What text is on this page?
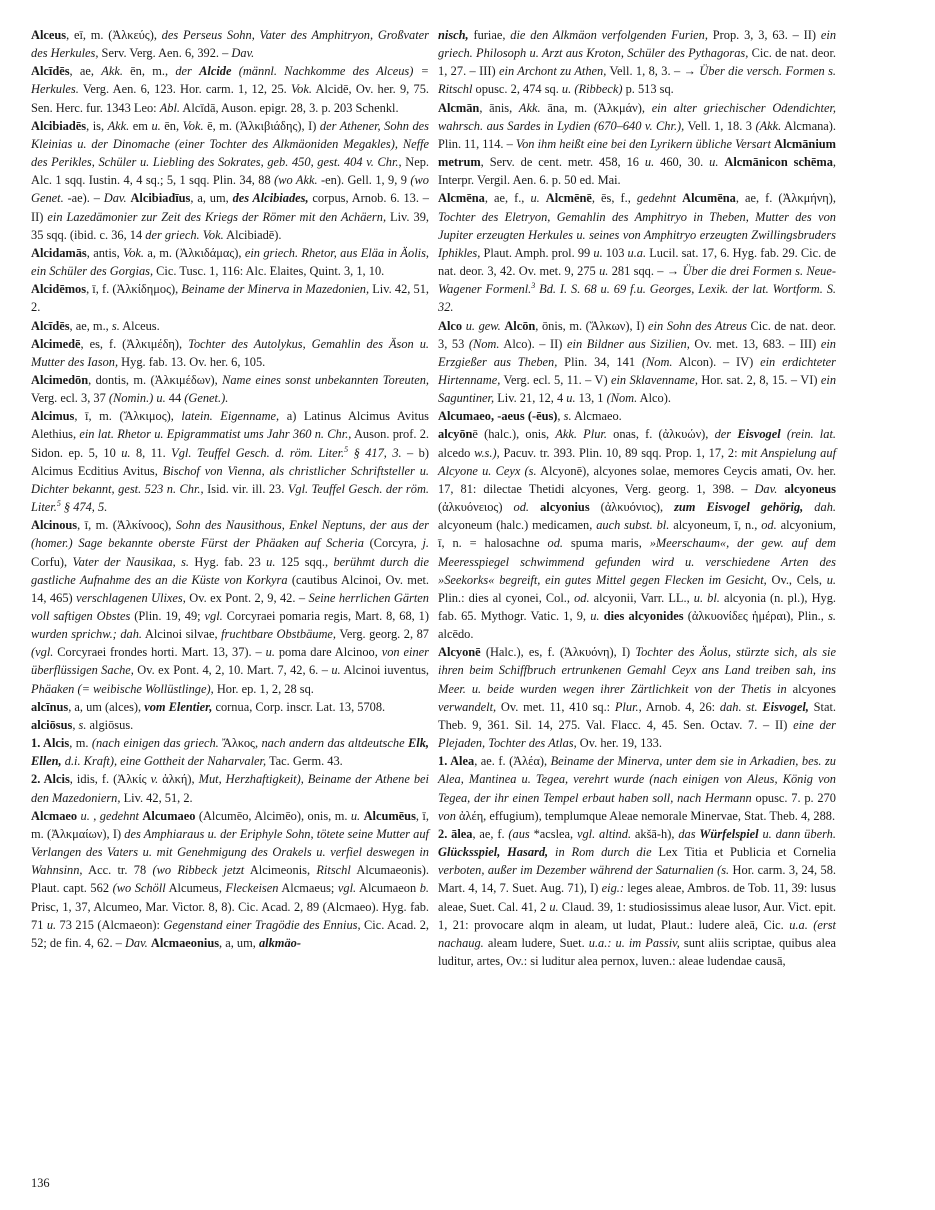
Alceus, eī, m. (Ἀλκεύς), des Perseus Sohn, Vater des Amphitryon, Großvater des Herkules, Serv. Verg. Aen. 6, 392. – Dav.

Alcīdēs, ae, Akk. ēn, m., der Alcide (männl. Nachkomme des Alceus) = Herkules. Verg. Aen. 6, 123. Hor. carm. 1, 12, 25. Vok. Alcidē, Ov. her. 9, 75. Sen. Herc. fur. 1343 Leo: Abl. Alcīdā, Auson. epigr. 28, 3. p. 203 Schenkl.

Alcibiadēs, is, Akk. em u. ēn, Vok. ē, m. (Ἀλκιβιάδης), I) der Athener, Sohn des Kleinias u. der Dinomache (einer Tochter des Alkmäoniden Megakles), Neffe des Perikles, Schüler u. Liebling des Sokrates, geb. 450, gest. 404 v. Chr., Nep. Alc. 1 sqq. Iustin. 4, 4 sq.; 5, 1 sqq. Plin. 34, 88 (wo Akk. -en). Gell. 1, 9, 9 (wo Genet. -ae). – Dav. Alcibiadīus, a, um, des Alcibiades, corpus, Arnob. 6. 13. – II) ein Lazedämonier zur Zeit des Kriegs der Römer mit den Achäern, Liv. 39, 35 sqq. (ibid. c. 36, 14 der griech. Vok. Alcibiadē).

Alcidamās, antis, Vok. a, m. (Ἀλκιδάμας), ein griech. Rhetor, aus Eläa in Äolis, ein Schüler des Gorgias, Cic. Tusc. 1, 116: Alc. Elaites, Quint. 3, 1, 10.

Alcidēmos, ī, f. (Ἀλκίδημος), Beiname der Minerva in Mazedonien, Liv. 42, 51, 2.

Alcīdēs, ae, m., s. Alceus.

Alcimedē, es, f. (Ἀλκιμέδη), Tochter des Autolykus, Gemahlin des Äson u. Mutter des Iason, Hyg. fab. 13. Ov. her. 6, 105.

Alcimedōn, dontis, m. (Ἀλκιμέδων), Name eines sonst unbekannten Toreuten, Verg. ecl. 3, 37 (Nomin.) u. 44 (Genet.).

Alcimus, ī, m. (Ἄλκιμος), latein. Eigenname, a) Latinus Alcimus Avitus Alethius, ein lat. Rhetor u. Epigrammatist ums Jahr 360 n. Chr., Auson. prof. 2. Sidon. ep. 5, 10 u. 8, 11. Vgl. Teuffel Gesch. d. röm. Liter.$^5$ § 417, 3. – b) Alcimus Ecditius Avitus, Bischof von Vienna, als christlicher Schriftsteller u. Dichter bekannt, gest. 523 n. Chr., Isid. vir. ill. 23. Vgl. Teuffel Gesch. der röm. Liter.$^5$ § 474, 5.

Alcinous, ī, m. (Ἀλκίνοος), Sohn des Nausithous, Enkel Neptuns, der aus der (homer.) Sage bekannte oberste Fürst der Phäaken auf Scheria (Corcyra, j. Corfu), Vater der Nausikaa, s. Hyg. fab. 23 u. 125 sqq., berühmt durch die gastliche Aufnahme des an die Küste von Korkyra (cautibus Alcinoi, Ov. met. 14, 465) verschlagenen Ulixes, Ov. ex Pont. 2, 9, 42. – Seine herrlichen Gärten voll saftigen Obstes (Plin. 19, 49; vgl. Corcyraei pomaria regis, Mart. 8, 68, 1) wurden sprichw.; dah. Alcinoi silvae, fruchtbare Obstbäume, Verg. georg. 2, 87 (vgl. Corcyraei frondes horti. Mart. 13, 37). – u. poma dare Alcinoo, von einer überflüssigen Sache, Ov. ex Pont. 4, 2, 10. Mart. 7, 42, 6. – u. Alcinoi iuventus, Phäaken (= weibische Wollüstlinge), Hor. ep. 1, 2, 28 sq.

alcīnus, a, um (alces), vom Elentier, cornua, Corp. inscr. Lat. 13, 5708.

alciōsus, s. algiōsus.

1. Alcis, m. (nach einigen das griech. Ἄλκος, nach andern das altdeutsche Elk, Ellen, d.i. Kraft), eine Gottheit der Naharvaler, Tac. Germ. 43.

2. Alcis, idis, f. (Ἀλκίς v. ἀλκή), Mut, Herzhaftigkeit), Beiname der Athene bei den Mazedoniern, Liv. 42, 51, 2.

Alcmaeo u. , gedehnt Alcumaeo (Alcumēo, Alcimēo), onis, m. u. Alcumēus, ī, m. (Ἀλκμαίων), I) des Amphiaraus u. der Eriphyle Sohn, tötete seine Mutter auf Verlangen des Vaters u. mit Genehmigung des Orakels u. verfiel deswegen in Wahnsinn, Acc. tr. 78 (wo Ribbeck jetzt Alcimeonis, Ritschl Alcumaeonis). Plaut. capt. 562 (wo Schöll Alcumeus, Fleckeisen Alcmaeus; vgl. Alcumaeon b. Prisc, 1, 37, Alcumeo, Mar. Victor. 8, 8). Cic. Acad. 2, 89 (Alcmaeo). Hyg. fab. 71 u. 73 215 (Alcmaeon): Gegenstand einer Tragödie des Ennius, Cic. Acad. 2, 52; de fin. 4, 62. – Dav. Alcmaeonius, a, um, alkmäo-

nisch, furiae, die den Alkmäon verfolgenden Furien, Prop. 3, 3, 63. – II) ein griech. Philosoph u. Arzt aus Kroton, Schüler des Pythagoras, Cic. de nat. deor. 1, 27. – III) ein Archont zu Athen, Vell. 1, 8, 3. – → Über die versch. Formen s. Ritschl opusc. 2, 474 sq. u. (Ribbeck) p. 513 sq.

Alcmān, ānis, Akk. āna, m. (Ἀλκμάν), ein alter griechischer Odendichter, wahrsch. aus Sardes in Lydien (670–640 v. Chr.), Vell. 1, 18. 3 (Akk. Alcmana). Plin. 11, 114. – Von ihm heißt eine bei den Lyrikern übliche Versart Alcmānium metrum, Serv. de cent. metr. 458, 16 u. 460, 30. u. Alcmānicon schēma, Interpr. Vergil. Aen. 6. p. 50 ed. Mai.

Alcmēna, ae, f., u. Alcmēnē, ēs, f., gedehnt Alcumēna, ae, f. (Ἀλκμήνη), Tochter des Eletryon, Gemahlin des Amphitryo in Theben, Mutter des von Jupiter erzeugten Herkules u. seines von Amphitryo erzeugten Zwillingsbruders Iphikles, Plaut. Amph. prol. 99 u. 103 u.a. Lucil. sat. 17, 6. Hyg. fab. 29. Cic. de nat. deor. 3, 42. Ov. met. 9, 275 u. 281 sqq. – → Über die drei Formen s. Neue-Wagener Formenl.$^3$ Bd. I. S. 68 u. 69 f.u. Georges, Lexik. der lat. Wortform. S. 32.

Alco u. gew. Alcōn, ōnis, m. (Ἄλκων), I) ein Sohn des Atreus Cic. de nat. deor. 3, 53 (Nom. Alco). – II) ein Bildner aus Sizilien, Ov. met. 13, 683. – III) ein Erzgießer aus Theben, Plin. 34, 141 (Nom. Alcon). – IV) ein erdichteter Hirtenname, Verg. ecl. 5, 11. – V) ein Sklavenname, Hor. sat. 2, 8, 15. – VI) ein Saguntiner, Liv. 21, 12, 4 u. 13, 1 (Nom. Alco).

Alcumaeo, -aeus (-ēus), s. Alcmaeo.

alcyōnē (halc.), onis, Akk. Plur. onas, f. (ἀλκυών), der Eisvogel (rein. lat. alcedo w.s.), Pacuv. tr. 393. Plin. 10, 89 sqq. Prop. 1, 17, 2: mit Anspielung auf Alcyone u. Ceyx (s. Alcyonē), alcyones solae, memores Ceycis amati, Ov. her. 17, 81: dilectae Thetidi alcyones, Verg. georg. 1, 398. – Dav. alcyoneus (ἀλκυόνειος) od. alcyonius (ἀλκυόνιος), zum Eisvogel gehörig, dah. alcyoneum (halc.) medicamen, auch subst. bl. alcyoneum, ī, n., od. alcyonium, ī, n. = halosachne od. spuma maris, »Meerschaum«, der gew. auf dem Meeresspiegel schwimmend gefunden wird u. verschiedene Arten des »Seekorks« begreift, ein gutes Mittel gegen Flecken im Gesicht, Ov., Cels, u. Plin.: dies al cyonei, Col., od. alcyonii, Varr. LL., u. bl. alcyonia (n. pl.), Hyg. fab. 65. Mythogr. Vatic. 1, 9, u. dies alcyonides (ἀλκυονίδες ἡμέραι), Plin., s. alcēdo.

Alcyonē (Halc.), es, f. (Ἀλκυόνη), I) Tochter des Äolus, stürzte sich, als sie ihren beim Schiffbruch ertrunkenen Gemahl Ceyx ans Land treiben sah, ins Meer. u. beide wurden wegen ihrer Zärtlichkeit von der Thetis in alcyones verwandelt, Ov. met. 11, 410 sq.: Plur., Arnob. 4, 26: dah. st. Eisvogel, Stat. Theb. 9, 361. Sil. 14, 275. Val. Flacc. 4, 45. Sen. Octav. 7. – II) eine der Plejaden, Tochter des Atlas, Ov. her. 19, 133.

1. Alea, ae. f. (Ἀλέα), Beiname der Minerva, unter dem sie in Arkadien, bes. zu Alea, Mantinea u. Tegea, verehrt wurde (nach einigen von Aleus, König von Tegea, der ihr einen Tempel erbaut haben soll, nach Hermann opusc. 7. p. 270 von ἀλέη, effugium), templumque Aleae nemorale Minervae, Stat. Theb. 4, 288.

2. ālea, ae, f. (aus *acslea, vgl. altind. akšā-h), das Würfelspiel u. dann überh. Glücksspiel, Hasard, in Rom durch die Lex Titia et Publicia et Cornelia verboten, außer im Dezember während der Saturnalien (s. Hor. carm. 3, 24, 58. Mart. 4, 14, 7. Suet. Aug. 71), I) eig.: leges aleae, Ambros. de Tob. 11, 39: lusus aleae, Suet. Cal. 41, 2 u. Claud. 39, 1: studiosissimus aleae lusor, Aur. Vict. epit. 1, 21: provocare alqm in aleam, ut ludat, Plaut.: ludere aleā, Cic. u.a. (erst nachaug. aleam ludere, Suet. u.a.: u. im Passiv, sunt aliis scriptae, quibus alea luditur, artes, Ov.: si luditur alea pernox, luven.: aleae ludendae causā,

136
